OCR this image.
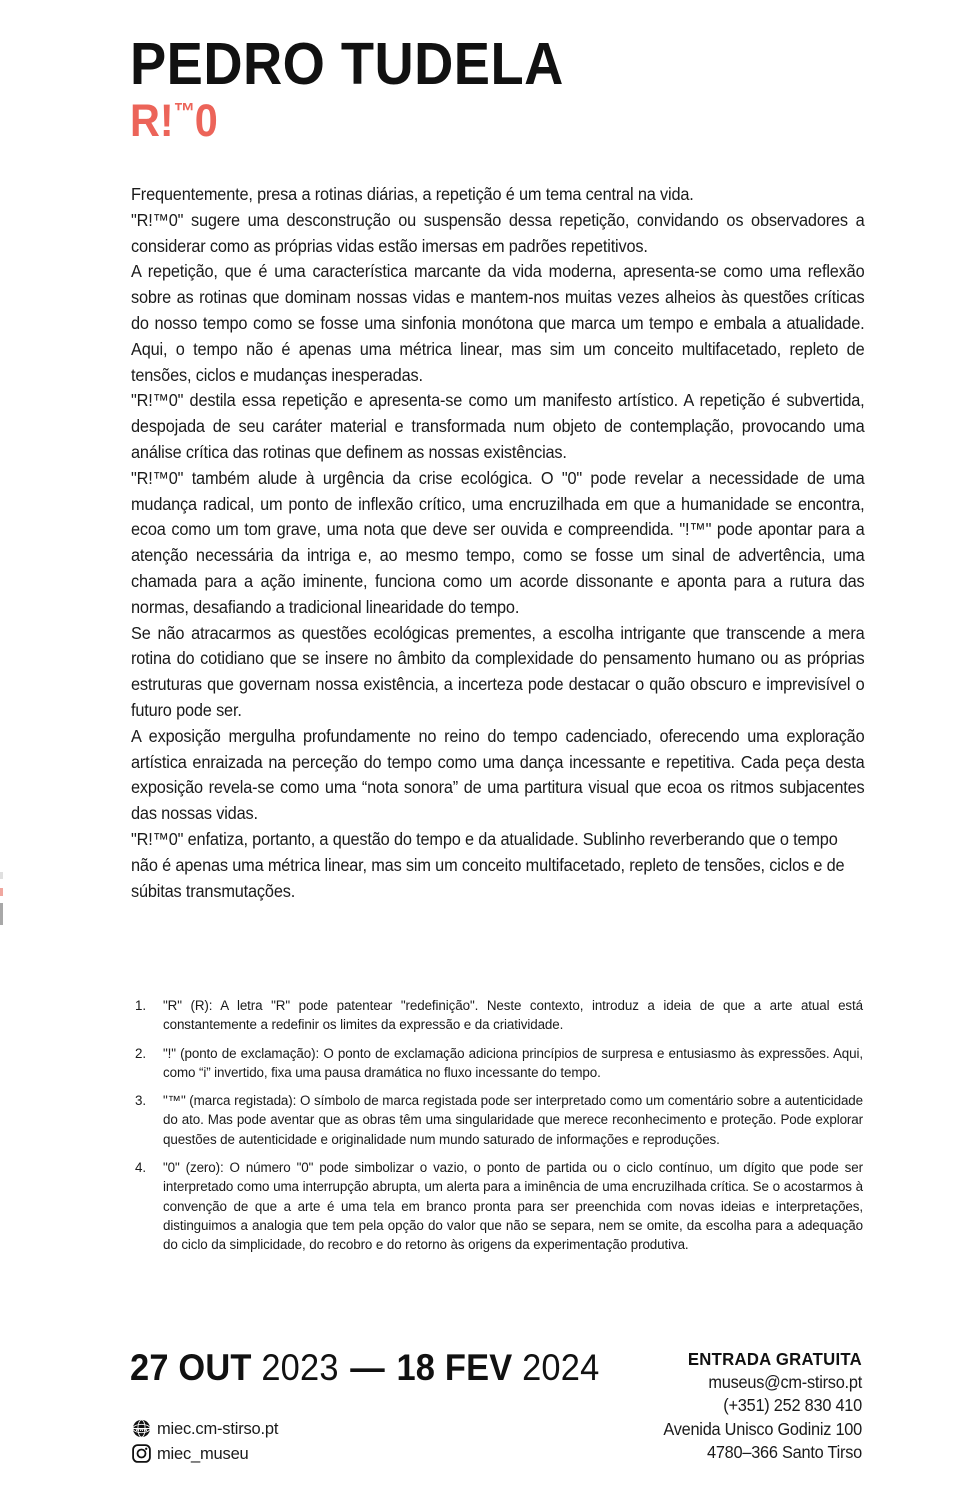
PEDRO TUDELA
R!™0

Frequentemente, presa a rotinas diárias, a repetição é um tema central na vida.

"R!™0" sugere uma desconstrução ou suspensão dessa repetição, convidando os observadores a considerar como as próprias vidas estão imersas em padrões repetitivos.

A repetição, que é uma característica marcante da vida moderna, apresenta-se como uma reflexão sobre as rotinas que dominam nossas vidas e mantem-nos muitas vezes alheios às questões críticas do nosso tempo como se fosse uma sinfonia monótona que marca um tempo e embala a atualidade. Aqui, o tempo não é apenas uma métrica linear, mas sim um conceito multifacetado, repleto de tensões, ciclos e mudanças inesperadas.

"R!™0" destila essa repetição e apresenta-se como um manifesto artístico. A repetição é subvertida, despojada de seu caráter material e transformada num objeto de contemplação, provocando uma análise crítica das rotinas que definem as nossas existências.

"R!™0" também alude à urgência da crise ecológica. O "0" pode revelar a necessidade de uma mudança radical, um ponto de inflexão crítico, uma encruzilhada em que a humanidade se encontra, ecoa como um tom grave, uma nota que deve ser ouvida e compreendida. "!™" pode apontar para a atenção necessária da intriga e, ao mesmo tempo, como se fosse um sinal de advertência, uma chamada para a ação iminente, funciona como um acorde dissonante e aponta para a rutura das normas, desafiando a tradicional linearidade do tempo.

Se não atracarmos as questões ecológicas prementes, a escolha intrigante que transcende a mera rotina do cotidiano que se insere no âmbito da complexidade do pensamento humano ou as próprias estruturas que governam nossa existência, a incerteza pode destacar o quão obscuro e imprevisível o futuro pode ser.

A exposição mergulha profundamente no reino do tempo cadenciado, oferecendo uma exploração artística enraizada na perceção do tempo como uma dança incessante e repetitiva. Cada peça desta exposição revela-se como uma “nota sonora” de uma partitura visual que ecoa os ritmos subjacentes das nossas vidas.

"R!™0" enfatiza, portanto, a questão do tempo e da atualidade. Sublinho reverberando que o tempo não é apenas uma métrica linear, mas sim um conceito multifacetado, repleto de tensões, ciclos e de súbitas transmutações.

"R" (R): A letra "R" pode patentear "redefinição". Neste contexto, introduz a ideia de que a arte atual está constantemente a redefinir os limites da expressão e da criatividade.
"!" (ponto de exclamação): O ponto de exclamação adiciona princípios de surpresa e entusiasmo às expressões. Aqui, como “i” invertido, fixa uma pausa dramática no fluxo incessante do tempo.
"™" (marca registada): O símbolo de marca registada pode ser interpretado como um comentário sobre a autenticidade do ato. Mas pode aventar que as obras têm uma singularidade que merece reconhecimento e proteção. Pode explorar questões de autenticidade e originalidade num mundo saturado de informações e reproduções.
"0" (zero): O número "0" pode simbolizar o vazio, o ponto de partida ou o ciclo contínuo, um dígito que pode ser interpretado como uma interrupção abrupta, um alerta para a iminência de uma encruzilhada crítica. Se o acostarmos à convenção de que a arte é uma tela em branco pronta para ser preenchida com novas ideias e interpretações, distinguimos a analogia que tem pela opção do valor que não se separa, nem se omite, da escolha para a adequação do ciclo da simplicidade, do recobro e do retorno às origens da experimentação produtiva.
27 OUT 2023 — 18 FEV 2024
www miec.cm-stirso.pt
miec_museu
ENTRADA GRATUITA
museus@cm-stirso.pt
(+351) 252 830 410
Avenida Unisco Godiniz 100
4780–366 Santo Tirso
